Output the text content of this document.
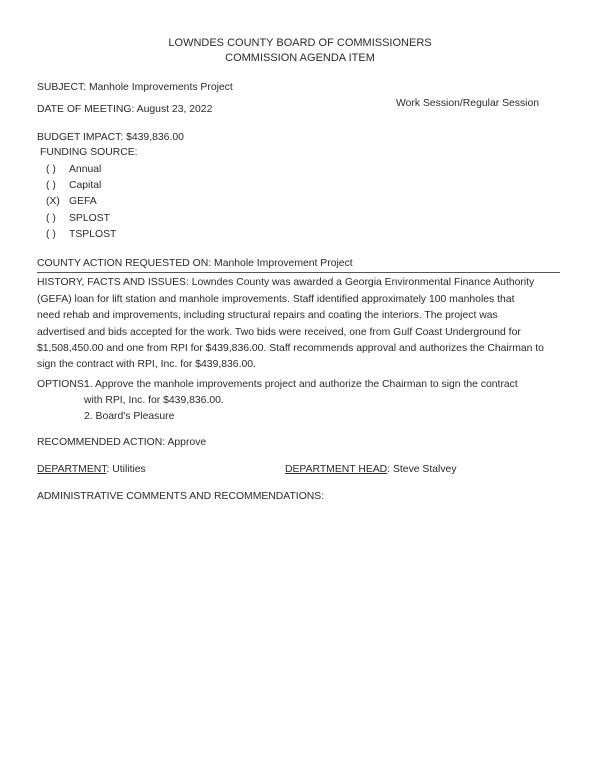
LOWNDES COUNTY BOARD OF COMMISSIONERS
COMMISSION AGENDA ITEM
SUBJECT: Manhole Improvements Project
DATE OF MEETING: August 23, 2022
Work Session/Regular Session
BUDGET IMPACT: $439,836.00
FUNDING SOURCE:
( ) Annual
( ) Capital
(X) GEFA
( ) SPLOST
( ) TSPLOST
COUNTY ACTION REQUESTED ON: Manhole Improvement Project
HISTORY, FACTS AND ISSUES: Lowndes County was awarded a Georgia Environmental Finance Authority
(GEFA) loan for lift station and manhole improvements. Staff identified approximately 100 manholes that
need rehab and improvements, including structural repairs and coating the interiors. The project was
advertised and bids accepted for the work. Two bids were received, one from Gulf Coast Underground for
$1,508,450.00 and one from RPI for $439,836.00. Staff recommends approval and authorizes the Chairman to
sign the contract with RPI, Inc. for $439,836.00.
OPTIONS:
1. Approve the manhole improvements project and authorize the Chairman to sign the contract
with RPI, Inc. for $439,836.00.
2. Board's Pleasure
RECOMMENDED ACTION: Approve
DEPARTMENT: Utilities	DEPARTMENT HEAD: Steve Stalvey
ADMINISTRATIVE COMMENTS AND RECOMMENDATIONS:
